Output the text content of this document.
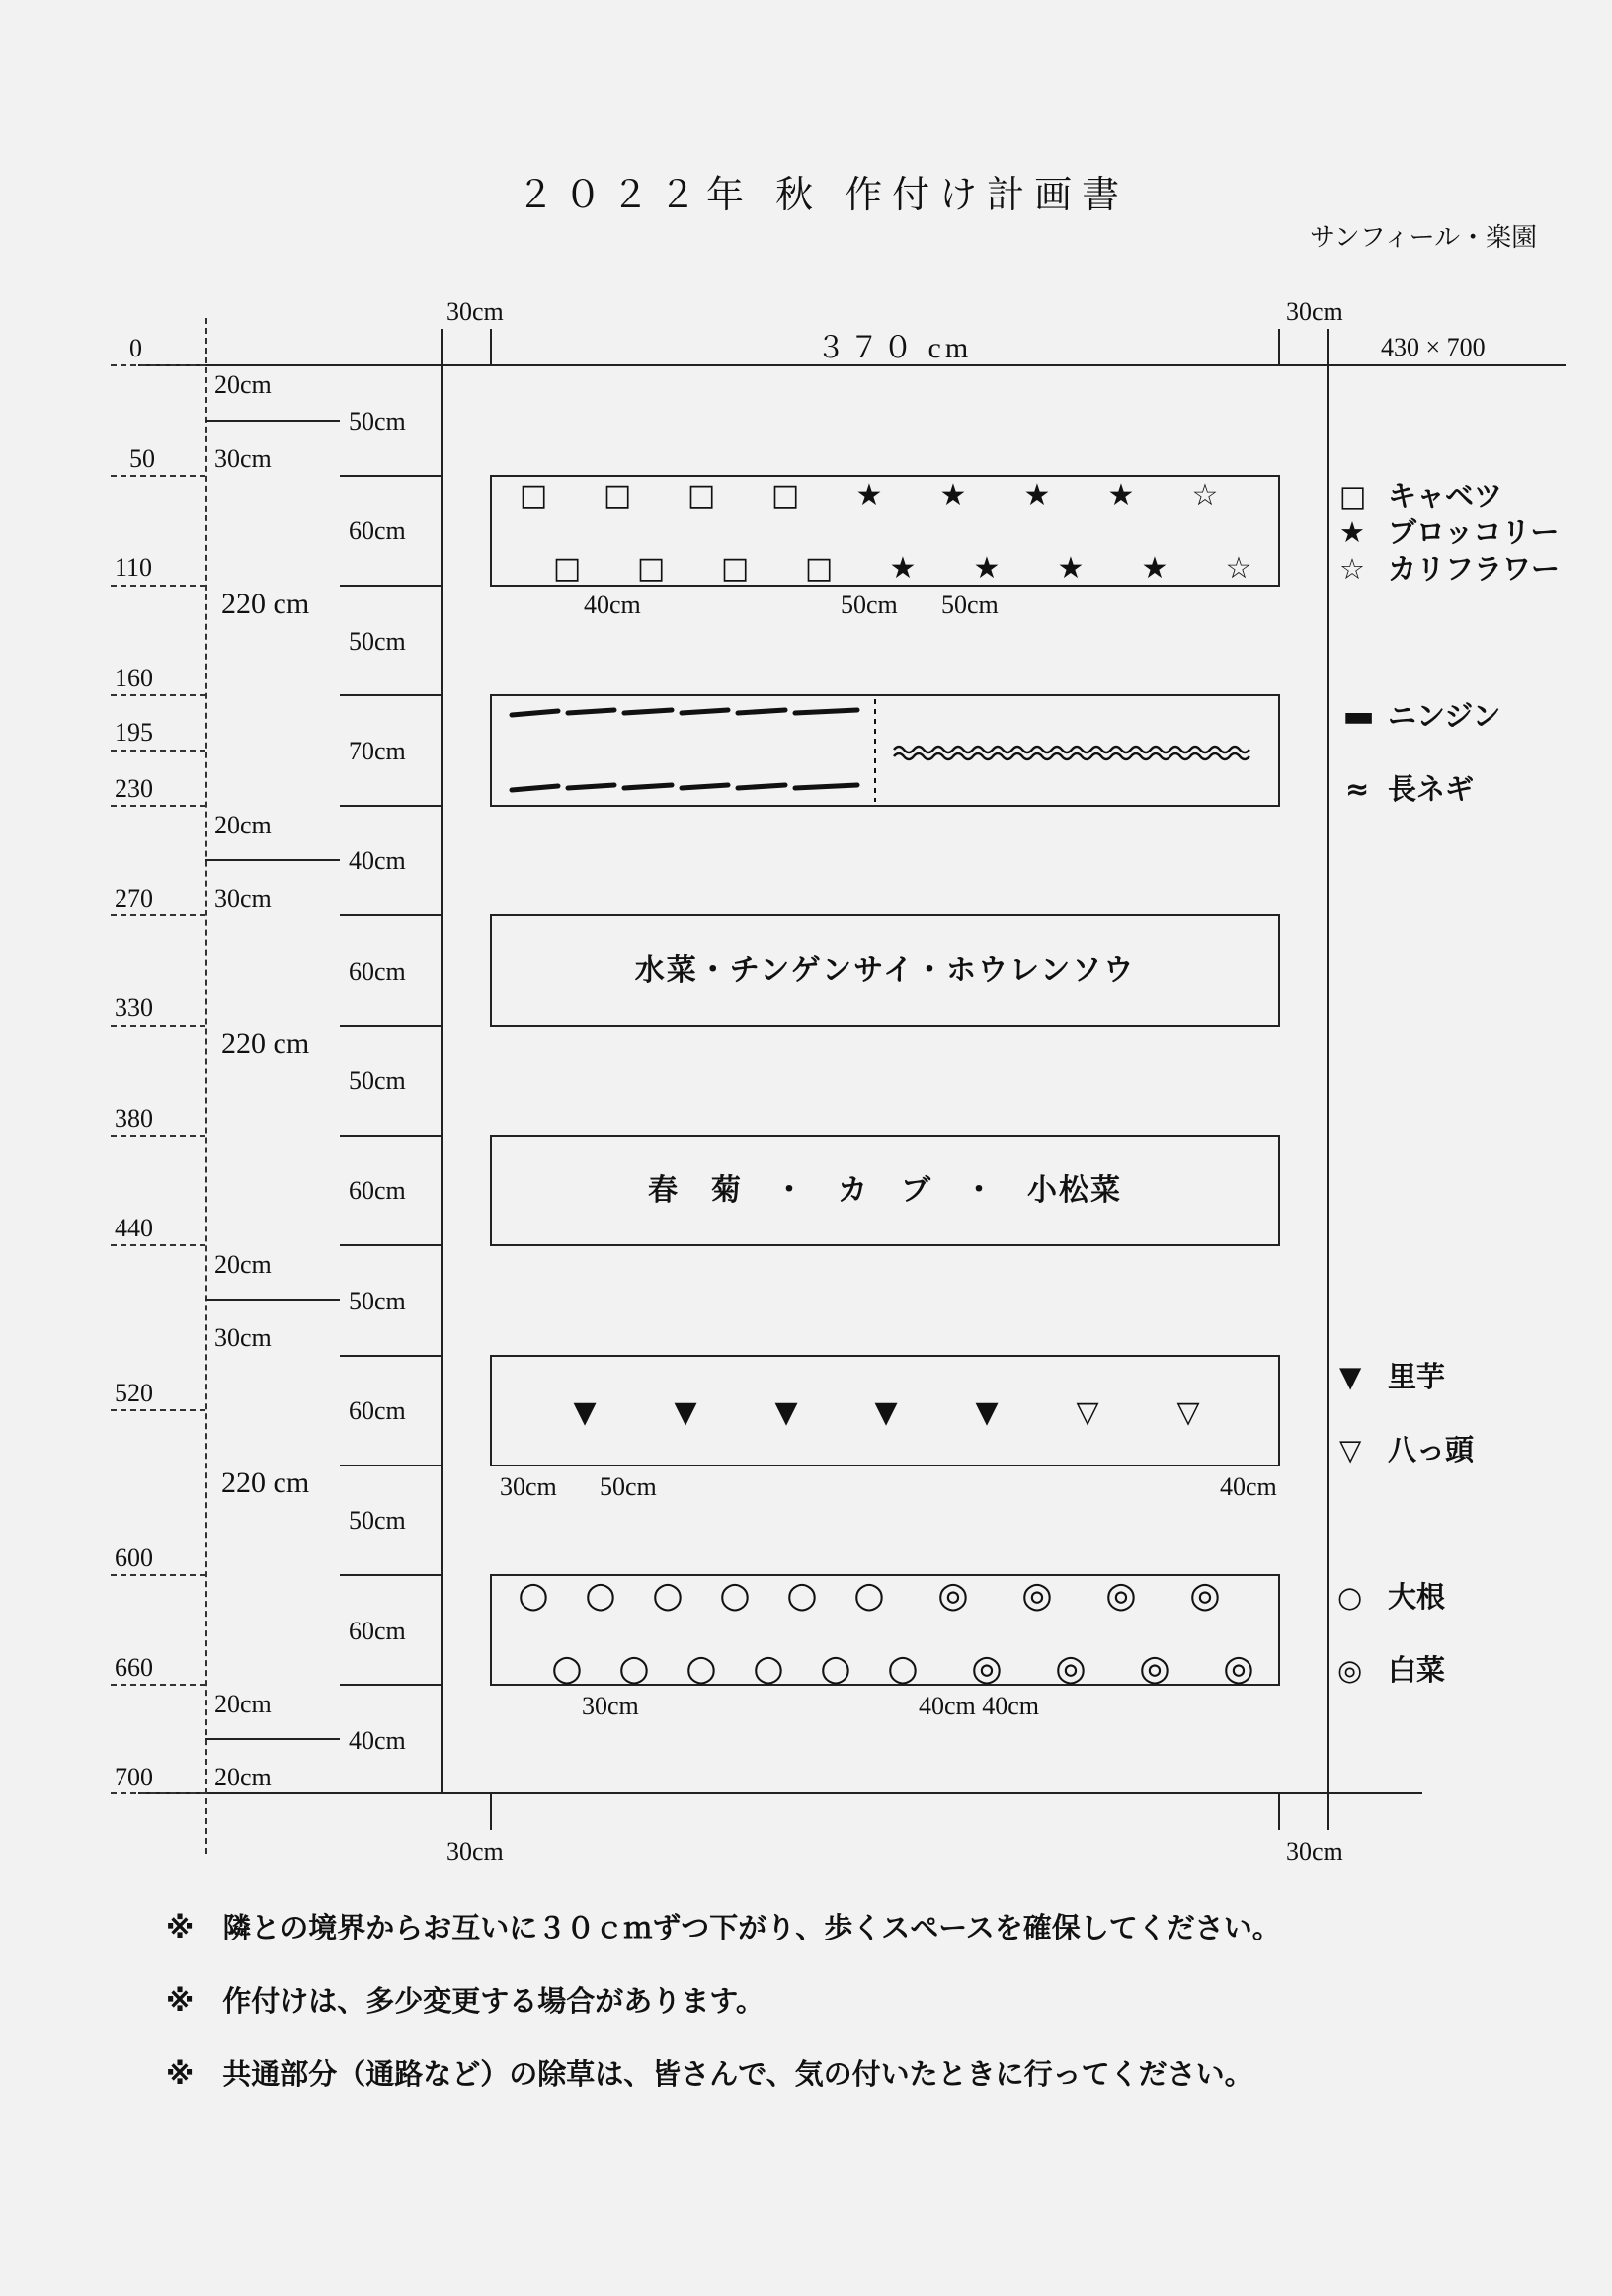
２０２２年 秋 作付け計画書
サンフィール・楽園
30cm	30cm
３７０ cm	430 × 700
30cm	30cm
0
50
110
160
195
230
270
330
380
440
520
600
660
700
220 cm
220 cm
220 cm
20cm
30cm
20cm
30cm
20cm
30cm
20cm
20cm
50cm
60cm
50cm
70cm
40cm
60cm
50cm
60cm
50cm
60cm
50cm
60cm
40cm
水菜・チンゲンサイ・ホウレンソウ
春　菊　・　カ　ブ　・　小松菜
□ □ □ □ ★ ★ ★ ★ ☆
□ □ □ □ ★ ★ ★ ★ ☆
40cm	50cm 50cm
▼	▼	▼	▼	▼	▽	▽
30cm 50cm	40cm
○ ○ ○ ○ ○ ○ ◎ ◎ ◎ ◎
○ ○ ○ ○ ○ ○ ◎ ◎ ◎ ◎
30cm	40cm 40cm
□ キャベツ
★ ブロッコリー
☆ カリフラワー
▬ ニンジン
≈ 長ネギ
▼ 里芋
▽ 八っ頭
○ 大根
◎ 白菜
※　隣との境界からお互いに３０ｃｍずつ下がり、歩くスペースを確保してください。
※　作付けは、多少変更する場合があります。
※　共通部分（通路など）の除草は、皆さんで、気の付いたときに行ってください。
